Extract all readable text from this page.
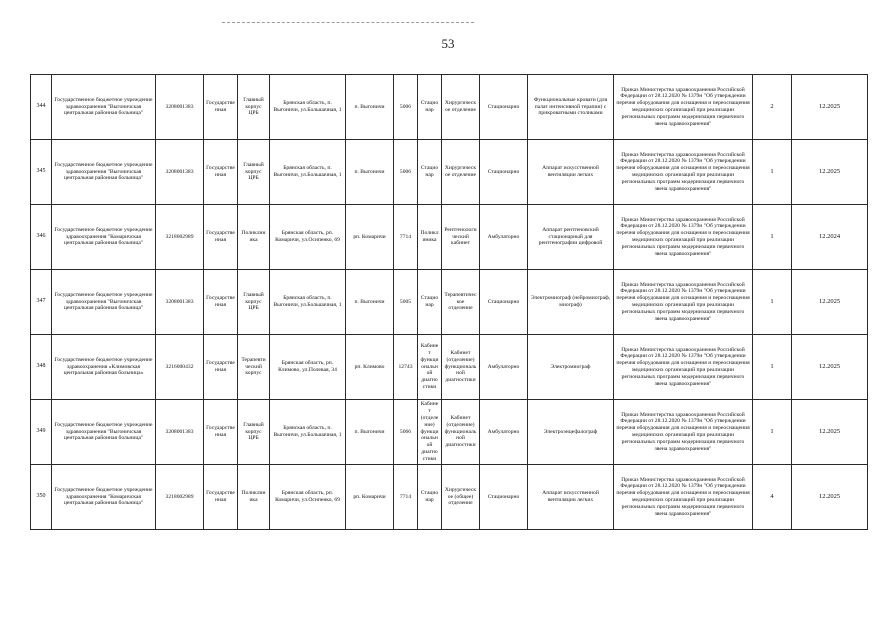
53
344	Государственное бюджетное учреждение здравоохранения "Выгоничская центральная районная больница"	3208001383	Государственная	Главный корпус ЦРБ	Брянская область, п. Выгоничи, ул.Большачная, 1	п. Выгоничи	5006	Стационар	Хирургическое отделение	Стационарно	Функциональные кровати (для палат интенсивной терапии) с прикроватными столиками	Приказ Министерства здравоохранения Российской Федерации от 28.12.2020 № 1379н "Об утверждении перечня оборудования для оснащения и переоснащения медицинских организаций при реализации региональных программ модернизации первичного звена здравоохранения"	2	12.2025
345	Государственное бюджетное учреждение здравоохранения "Выгоничская центральная районная больница"	3208001383	Государственная	Главный корпус ЦРБ	Брянская область, п. Выгоничи, ул.Большачная, 1	п. Выгоничи	5006	Стационар	Хирургическое отделение	Стационарно	Аппарат искусственной вентиляции легких	Приказ Министерства здравоохранения Российской Федерации от 28.12.2020 № 1379н "Об утверждении перечня оборудования для оснащения и переоснащения медицинских организаций при реализации региональных программ модернизации первичного звена здравоохранения"	1	12.2025
346	Государственное бюджетное учреждение здравоохранения "Комаричская центральная районная больница"	3218002989	Государственная	Поликлиника	Брянская область, рп. Комаричи, ул.Осипенко, 69	рп. Комаричи	7714	Поликлиника	Рентгенологический кабинет	Амбулаторно	Аппарат рентгеновский стационарный для рентгенографии цифровой	Приказ Министерства здравоохранения Российской Федерации от 28.12.2020 № 1379н "Об утверждении перечня оборудования для оснащения и переоснащения медицинских организаций при реализации региональных программ модернизации первичного звена здравоохранения"	1	12.2024
347	Государственное бюджетное учреждение здравоохранения "Выгоничская центральная районная больница"	3208001383	Государственная	Главный корпус ЦРБ	Брянская область, п. Выгоничи, ул.Большачная, 1	п. Выгоничи	5005	Стационар	Терапевтическое отделение	Стационарно	Электромиограф (нейромиограф, миограф)	Приказ Министерства здравоохранения Российской Федерации от 28.12.2020 № 1379н "Об утверждении перечня оборудования для оснащения и переоснащения медицинских организаций при реализации региональных программ модернизации первичного звена здравоохранения"	1	12.2025
348	Государственное бюджетное учреждение здравоохранения «Климовская центральная районная больница»	3216000432	Государственная	Терапевтический корпус	Брянская область, рп. Климово, ул.Полевая, 34	рп. Климово	12743	Кабинет функциональной диагностики	Кабинет (отделение) функциональной диагностики	Амбулаторно	Электромиограф	Приказ Министерства здравоохранения Российской Федерации от 28.12.2020 № 1379н "Об утверждении перечня оборудования для оснащения и переоснащения медицинских организаций при реализации региональных программ модернизации первичного звена здравоохранения"	1	12.2025
349	Государственное бюджетное учреждение здравоохранения "Выгоничская центральная районная больница"	3208001383	Государственная	Главный корпус ЦРБ	Брянская область, п. Выгоничи, ул.Большачная, 1	п. Выгоничи	5066	Кабинет (отделение) функциональной диагностики	Кабинет (отделение) функциональной диагностики	Амбулаторно	Электроэнцефалограф	Приказ Министерства здравоохранения Российской Федерации от 28.12.2020 № 1379н "Об утверждении перечня оборудования для оснащения и переоснащения медицинских организаций при реализации региональных программ модернизации первичного звена здравоохранения"	1	12.2025
350	Государственное бюджетное учреждение здравоохранения "Комаричская центральная районная больница"	3218002989	Государственная	Поликлиника	Брянская область, рп. Комаричи, ул.Осипенко, 69	рп. Комаричи	7714	Стационар	Хирургическое (общее) отделение	Стационарно	Аппарат искусственной вентиляции легких	Приказ Министерства здравоохранения Российской Федерации от 28.12.2020 № 1379н "Об утверждении перечня оборудования для оснащения и переоснащения медицинских организаций при реализации региональных программ модернизации первичного звена здравоохранения"	4	12.2025
